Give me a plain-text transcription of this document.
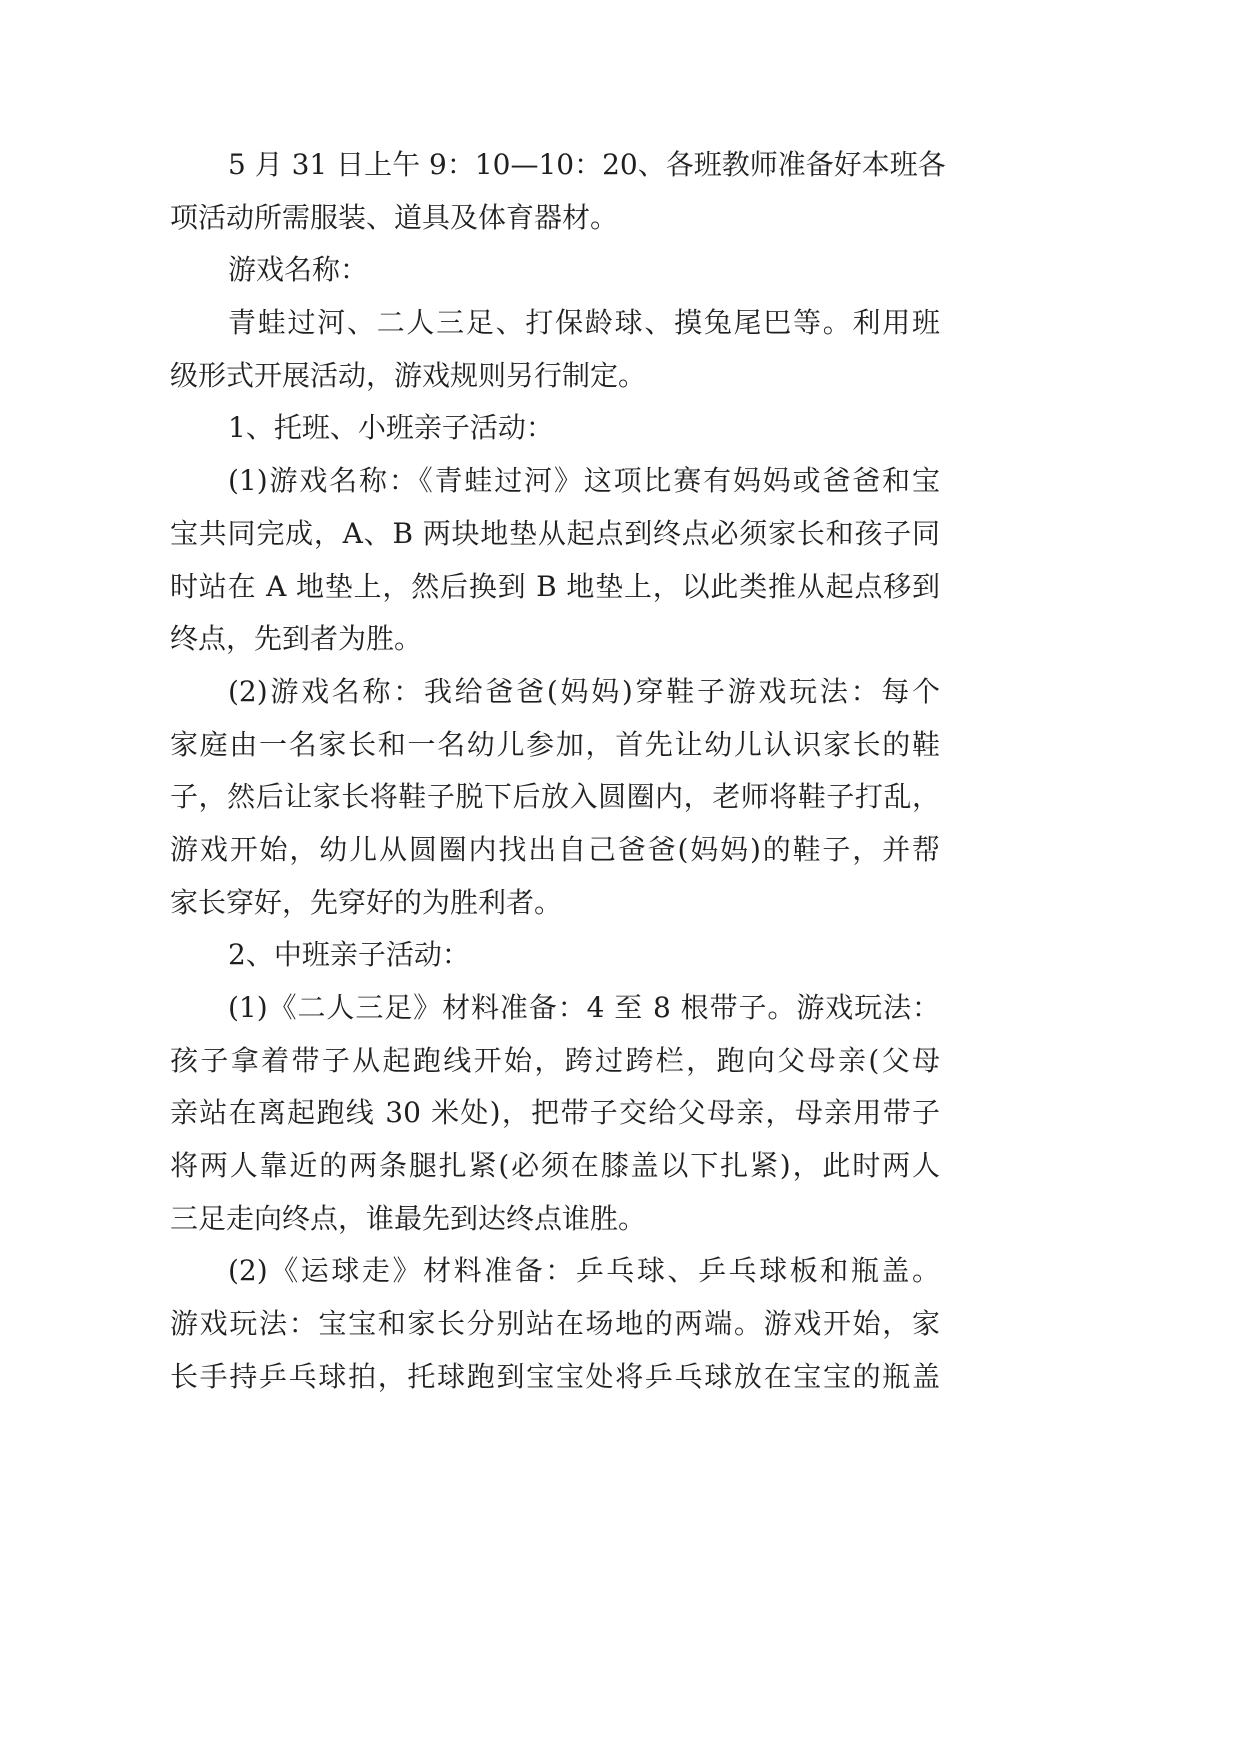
5 月 31 日上午 9：10—10：20、各班教师准备好本班各
项活动所需服装、道具及体育器材。
游戏名称：
青蛙过河、二人三足、打保龄球、摸兔尾巴等。利用班
级形式开展活动，游戏规则另行制定。
1、托班、小班亲子活动：
(1)游戏名称：《青蛙过河》这项比赛有妈妈或爸爸和宝
宝共同完成，A、B 两块地垫从起点到终点必须家长和孩子同
时站在 A 地垫上，然后换到 B 地垫上，以此类推从起点移到
终点，先到者为胜。
(2)游戏名称：我给爸爸(妈妈)穿鞋子游戏玩法：每个
家庭由一名家长和一名幼儿参加，首先让幼儿认识家长的鞋
子，然后让家长将鞋子脱下后放入圆圈内，老师将鞋子打乱，
游戏开始，幼儿从圆圈内找出自己爸爸(妈妈)的鞋子，并帮
家长穿好，先穿好的为胜利者。
2、中班亲子活动：
(1)《二人三足》材料准备：4 至 8 根带子。游戏玩法：
孩子拿着带子从起跑线开始，跨过跨栏，跑向父母亲(父母
亲站在离起跑线 30 米处)，把带子交给父母亲，母亲用带子
将两人靠近的两条腿扎紧(必须在膝盖以下扎紧)，此时两人
三足走向终点，谁最先到达终点谁胜。
(2)《运球走》材料准备：乒乓球、乒乓球板和瓶盖。
游戏玩法：宝宝和家长分别站在场地的两端。游戏开始，家
长手持乒乓球拍，托球跑到宝宝处将乒乓球放在宝宝的瓶盖
